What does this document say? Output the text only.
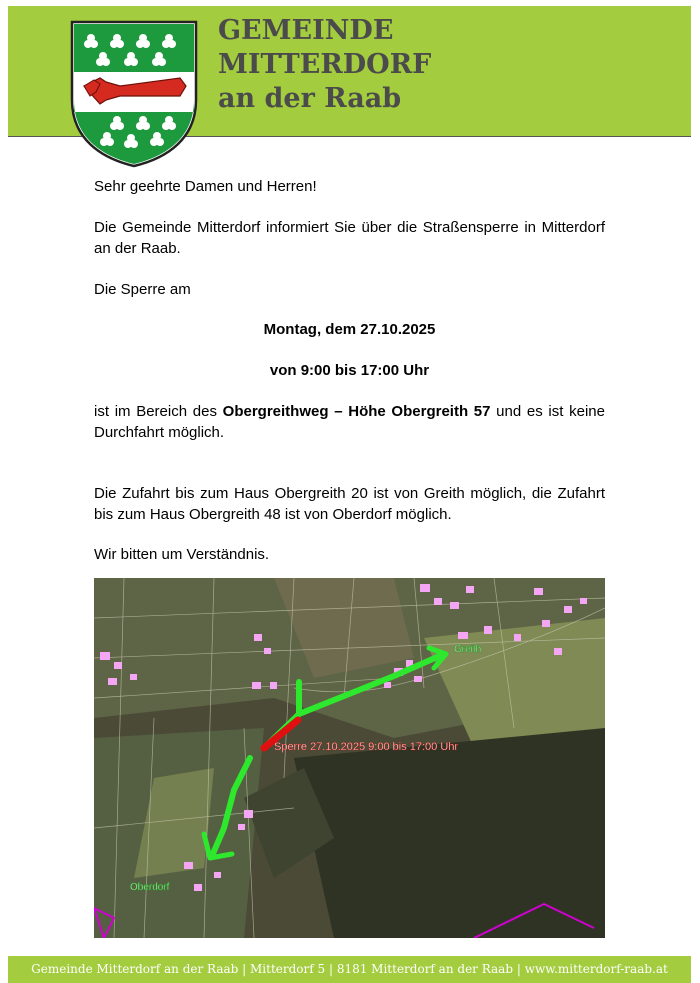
GEMEINDE
MITTERDORF
an der Raab

Sehr geehrte Damen und Herren!

Die Gemeinde Mitterdorf informiert Sie über die Straßensperre in Mitterdorf an der Raab.

Die Sperre am

Montag, dem 27.10.2025

von 9:00 bis 17:00 Uhr

ist im Bereich des Obergreithweg – Höhe Obergreith 57 und es ist keine Durchfahrt möglich.

Die Zufahrt bis zum Haus Obergreith 20 ist von Greith möglich, die Zufahrt bis zum Haus Obergreith 48 ist von Oberdorf möglich.

Wir bitten um Verständnis.

Sperre 27.10.2025 9:00 bis 17:00 Uhr
Greith
Oberdorf
Gemeinde Mitterdorf an der Raab | Mitterdorf 5 | 8181 Mitterdorf an der Raab | www.mitterdorf-raab.at
